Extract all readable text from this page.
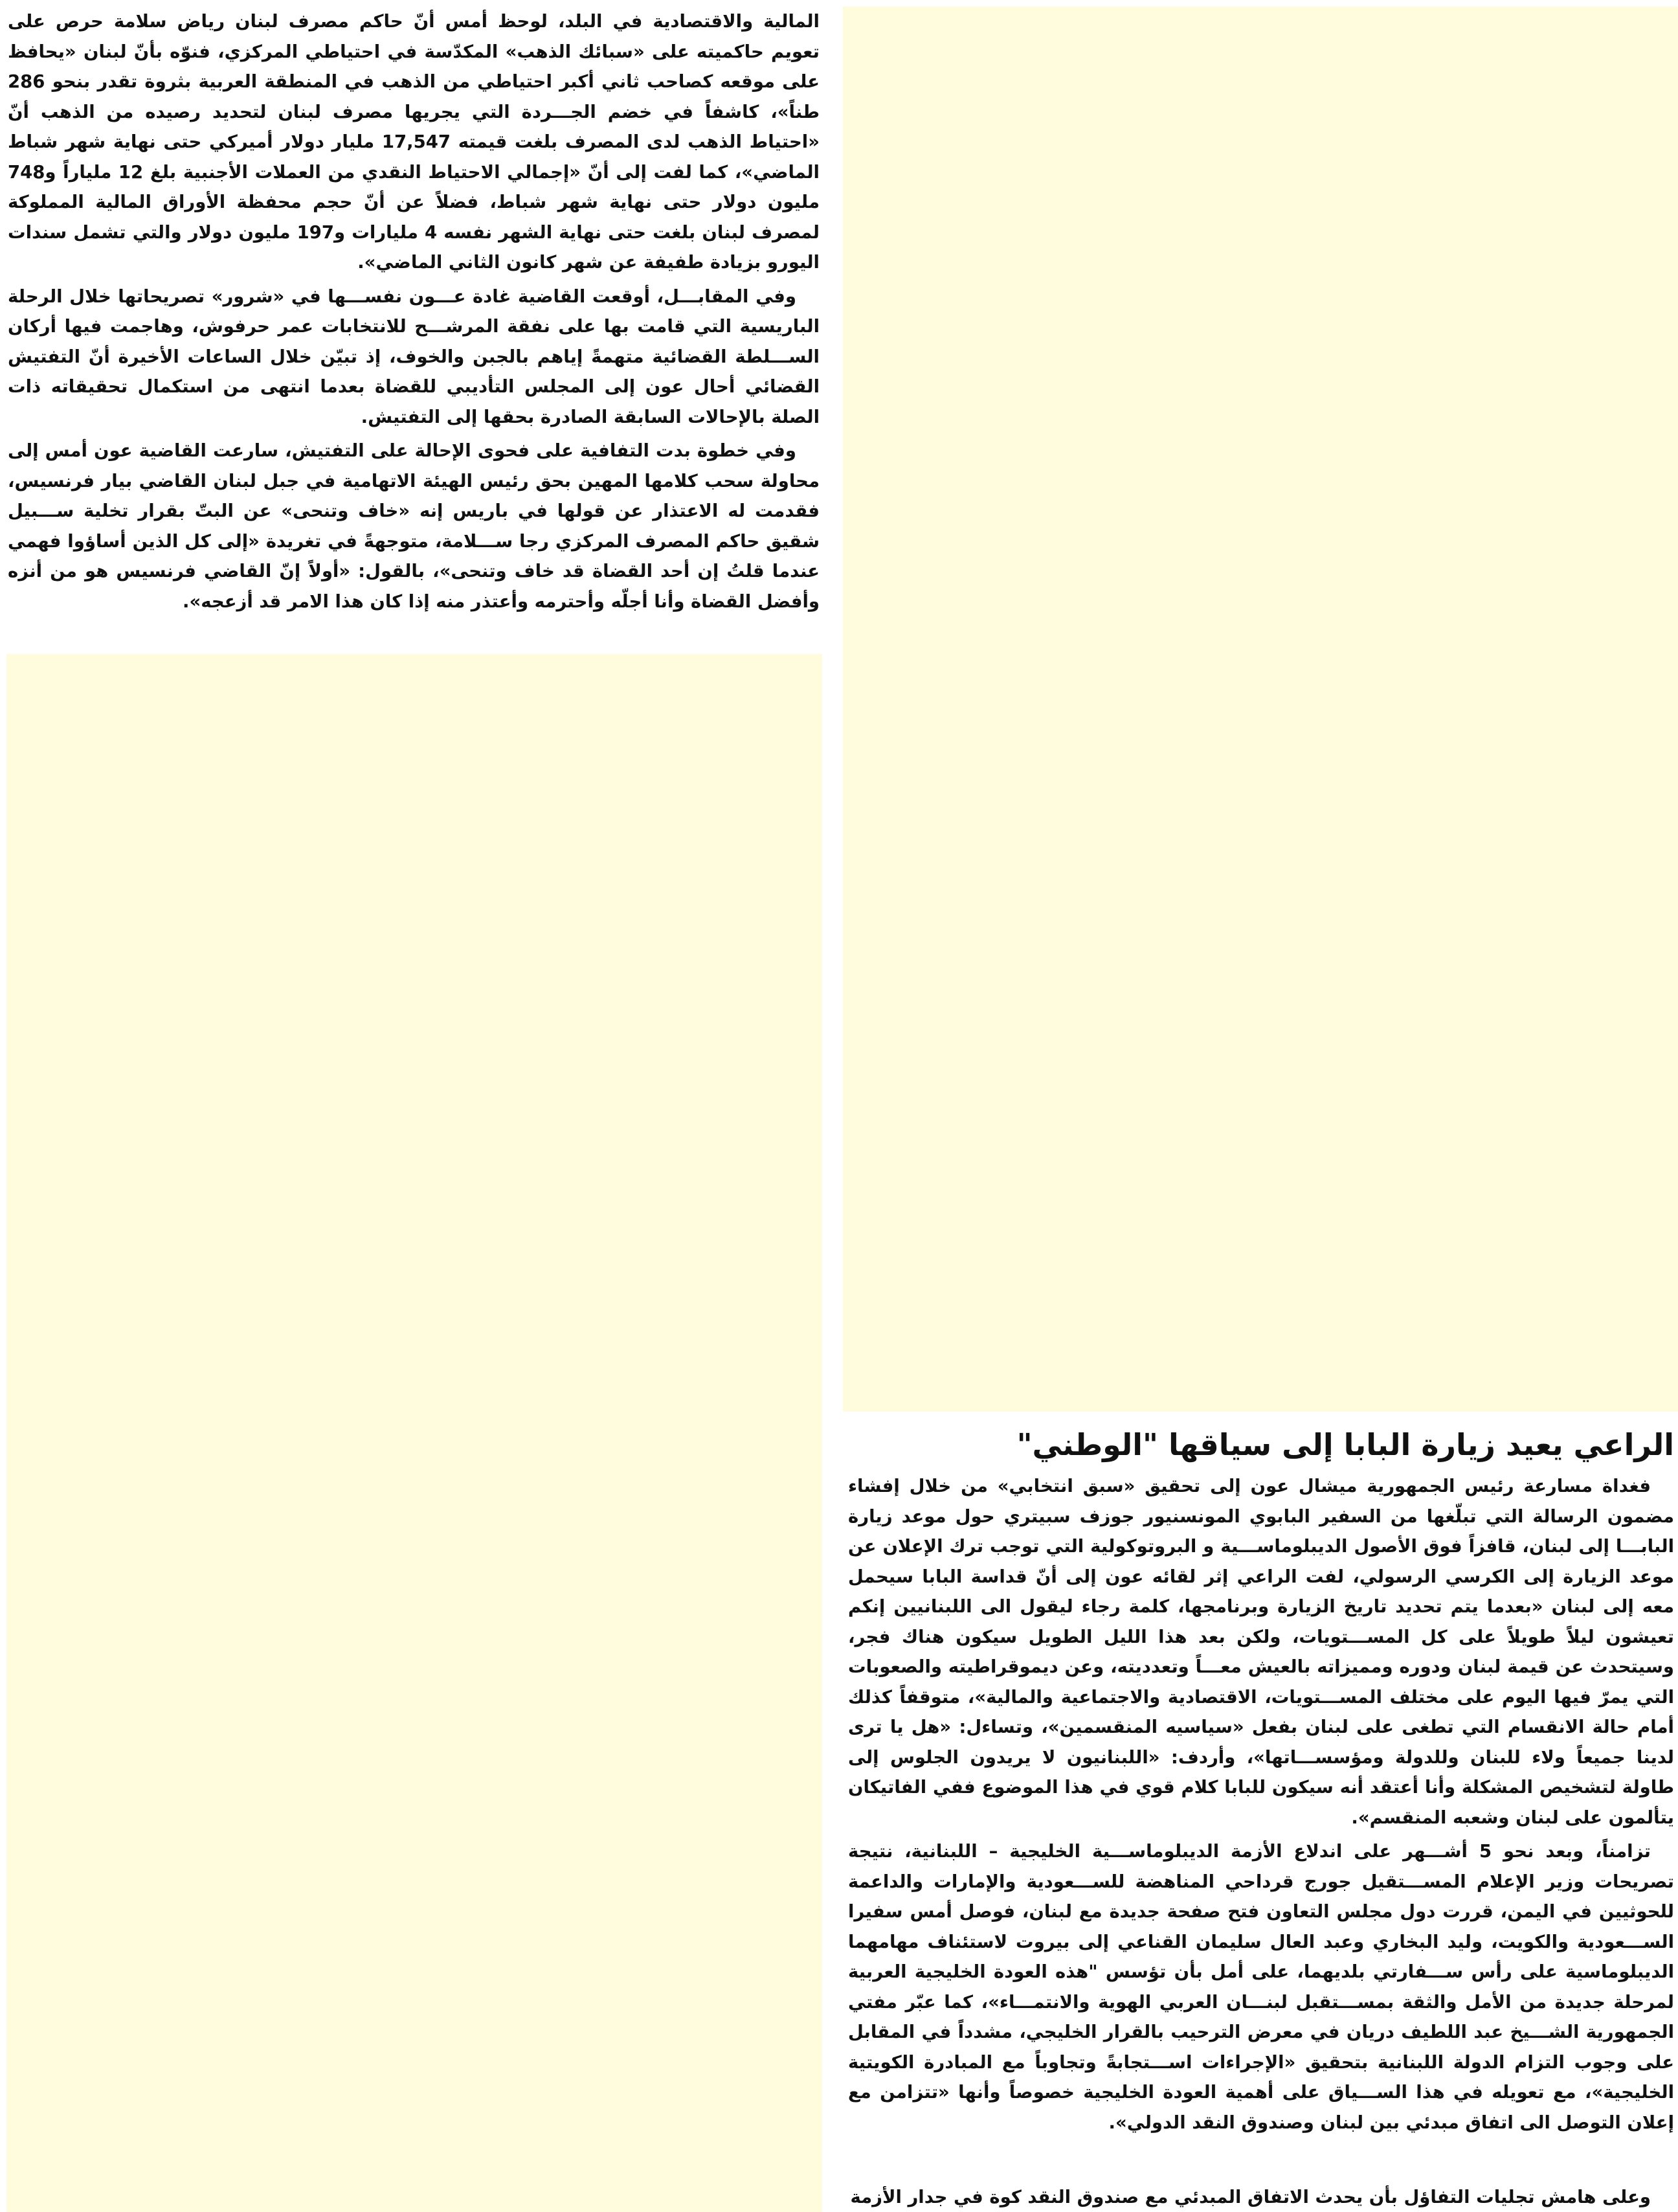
المالية والاقتصادية في البلد، لوحظ أمس أنّ حاكم مصرف لبنان رياض سلامة حرص على تعويم حاكميته على «سبائك الذهب» المكدّسة في احتياطي المركزي، فنوّه بأنّ لبنان «يحافظ على موقعه كصاحب ثاني أكبر احتياطي من الذهب في المنطقة العربية بثروة تقدر بنحو 286 طناً»، كاشفاً في خضم الجـــردة التي يجريها مصرف لبنان لتحديد رصيده من الذهب أنّ «احتياط الذهب لدى المصرف بلغت قيمته 17,547 مليار دولار أميركي حتى نهاية شهر شباط الماضي»، كما لفت إلى أنّ «إجمالي الاحتياط النقدي من العملات الأجنبية بلغ 12 ملياراً و748 مليون دولار حتى نهاية شهر شباط، فضلاً عن أنّ حجم محفظة الأوراق المالية المملوكة لمصرف لبنان بلغت حتى نهاية الشهر نفسه 4 مليارات و197 مليون دولار والتي تشمل سندات اليورو بزيادة طفيفة عن شهر كانون الثاني الماضي».

وفي المقابـــل، أوقعت القاضية غادة عـــون نفســـها في «شرور» تصريحاتها خلال الرحلة الباريسية التي قامت بها على نفقة المرشـــح للانتخابات عمر حرفوش، وهاجمت فيها أركان الســـلطة القضائية متهمةً إياهم بالجبن والخوف، إذ تبيّن خلال الساعات الأخيرة أنّ التفتيش القضائي أحال عون إلى المجلس التأديبي للقضاة بعدما انتهى من استكمال تحقيقاته ذات الصلة بالإحالات السابقة الصادرة بحقها إلى التفتيش.

وفي خطوة بدت التفافية على فحوى الإحالة على التفتيش، سارعت القاضية عون أمس إلى محاولة سحب كلامها المهين بحق رئيس الهيئة الاتهامية في جبل لبنان القاضي بيار فرنسيس، فقدمت له الاعتذار عن قولها في باريس إنه «خاف وتنحى» عن البتّ بقرار تخلية ســـبيل شقيق حاكم المصرف المركزي رجا ســـلامة، متوجهةً في تغريدة «إلى كل الذين أساؤوا فهمي عندما قلتُ إن أحد القضاة قد خاف وتنحى»، بالقول: «أولاً إنّ القاضي فرنسيس هو من أنزه وأفضل القضاة وأنا أجلّه وأحترمه وأعتذر منه إذا كان هذا الامر قد أزعجه».

الراعي يعيد زيارة البابا إلى سياقها "الوطني"

فغداة مسارعة رئيس الجمهورية ميشال عون إلى تحقيق «سبق انتخابي» من خلال إفشاء مضمون الرسالة التي تبلّغها من السفير البابوي المونسنيور جوزف سبيتري حول موعد زيارة البابـــا إلى لبنان، قافزاً فوق الأصول الديبلوماســـية و البروتوكولية التي توجب ترك الإعلان عن موعد الزيارة إلى الكرسي الرسولي، لفت الراعي إثر لقائه عون إلى أنّ قداسة البابا سيحمل معه إلى لبنان «بعدما يتم تحديد تاريخ الزيارة وبرنامجها، كلمة رجاء ليقول الى اللبنانيين إنكم تعيشون ليلاً طويلاً على كل المســـتويات، ولكن بعد هذا الليل الطويل سيكون هناك فجر، وسيتحدث عن قيمة لبنان ودوره ومميزاته بالعيش معـــاً وتعدديته، وعن ديموقراطيته والصعوبات التي يمرّ فيها اليوم على مختلف المســـتويات، الاقتصادية والاجتماعية والمالية»، متوقفاً كذلك أمام حالة الانقسام التي تطغى على لبنان بفعل «سياسيه المنقسمين»، وتساءل: «هل يا ترى لدينا جميعاً ولاء للبنان وللدولة ومؤسســـاتها»، وأردف: «اللبنانيون لا يريدون الجلوس إلى طاولة لتشخيص المشكلة وأنا أعتقد أنه سيكون للبابا كلام قوي في هذا الموضوع ففي الفاتيكان يتألمون على لبنان وشعبه المنقسم».

تزامناً، وبعد نحو 5 أشـــهر على اندلاع الأزمة الديبلوماســـية الخليجية – اللبنانية، نتيجة تصريحات وزير الإعلام المســـتقيل جورج قرداحي المناهضة للســـعودية والإمارات والداعمة للحوثيين في اليمن، قررت دول مجلس التعاون فتح صفحة جديدة مع لبنان، فوصل أمس سفيرا الســـعودية والكويت، وليد البخاري وعبد العال سليمان القناعي إلى بيروت لاستئناف مهامهما الديبلوماسية على رأس ســـفارتي بلديهما، على أمل بأن تؤسس "هذه العودة الخليجية العربية لمرحلة جديدة من الأمل والثقة بمســـتقبل لبنـــان العربي الهوية والانتمـــاء»، كما عبّر مفتي الجمهورية الشـــيخ عبد اللطيف دريان في معرض الترحيب بالقرار الخليجي، مشدداً في المقابل على وجوب التزام الدولة اللبنانية بتحقيق «الإجراءات اســـتجابةً وتجاوباً مع المبادرة الكويتية الخليجية»، مع تعويله في هذا الســـياق على أهمية العودة الخليجية خصوصاً وأنها «تتزامن مع إعلان التوصل الى اتفاق مبدئي بين لبنان وصندوق النقد الدولي».

وعلى هامش تجليات التفاؤل بأن يحدث الاتفاق المبدئي مع صندوق النقد كوة في جدار الأزمة
